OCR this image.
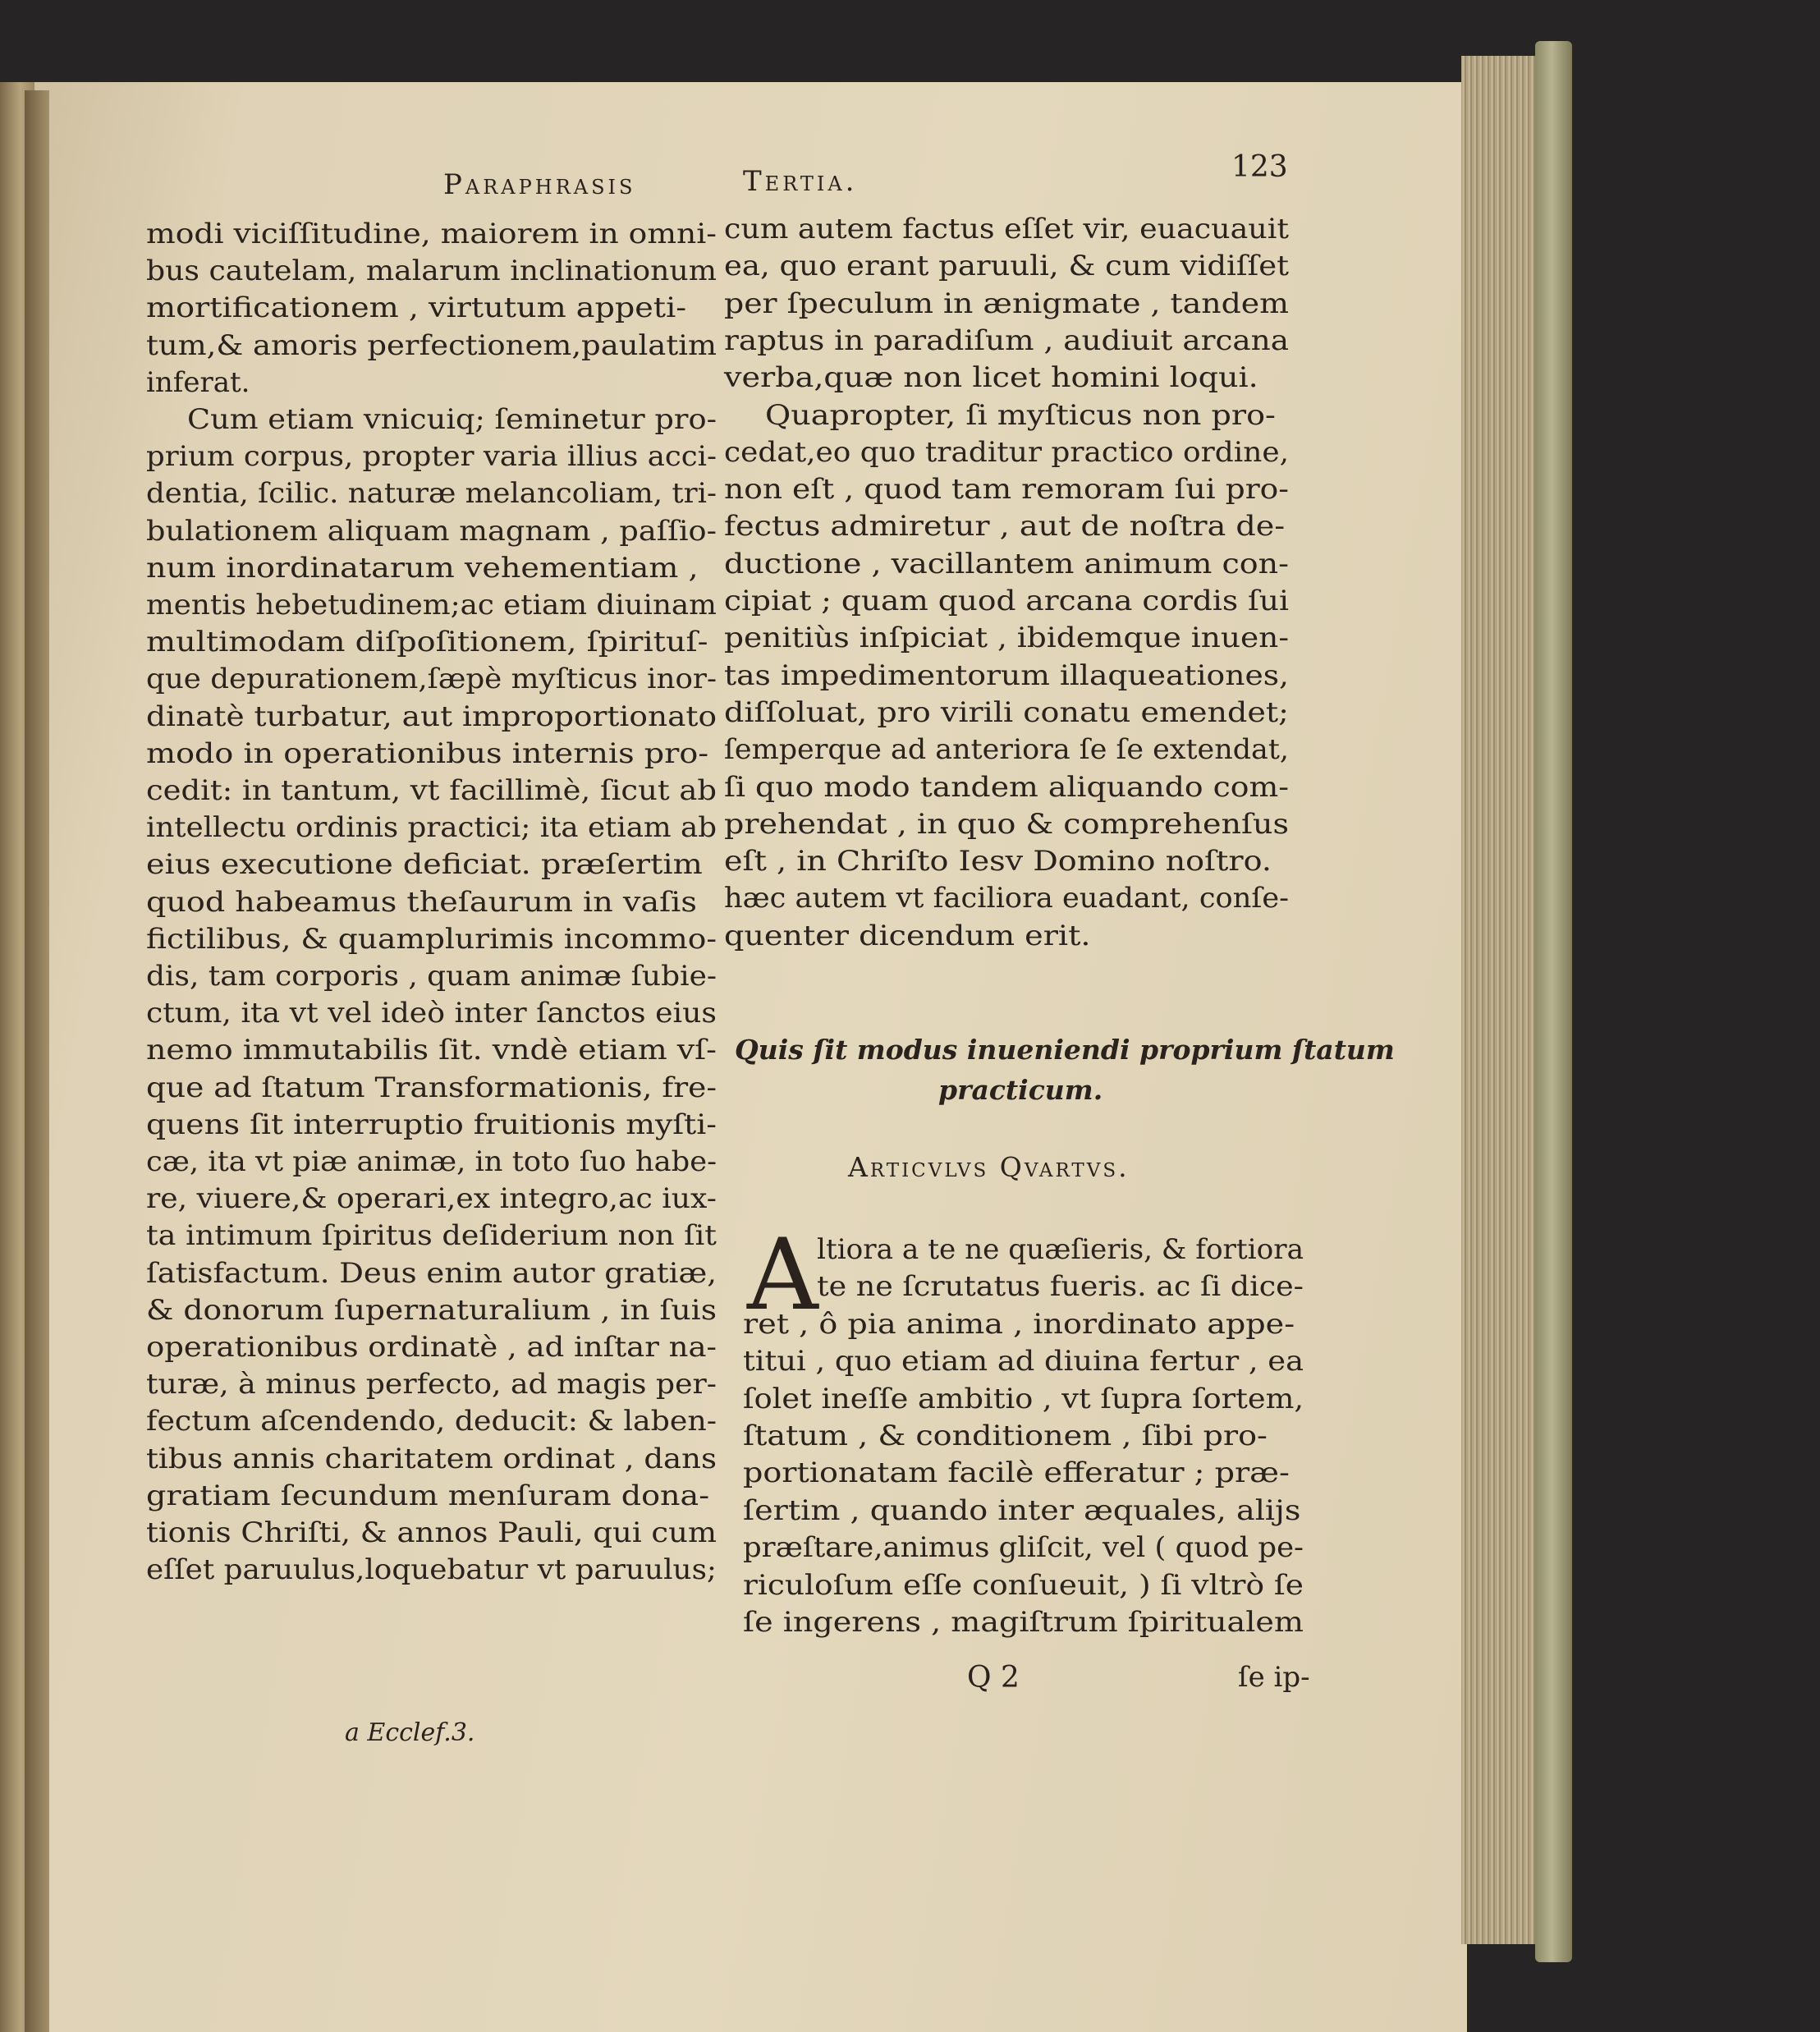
Paraphrasis	Tertia.	123
modi viciſſitudine, maiorem in omni-
bus cautelam, malarum inclinationum
mortificationem , virtutum appeti-
tum,& amoris perfectionem,paulatim
inferat.
Cum etiam vnicuiq; ſeminetur pro-
prium corpus, propter varia illius acci-
dentia, ſcilic. naturæ melancoliam, tri-
bulationem aliquam magnam , paſſio-
num inordinatarum vehementiam ,
mentis hebetudinem;ac etiam diuinam
multimodam diſpoſitionem, ſpirituſ-
que depurationem,ſæpè myſticus inor-
dinatè turbatur, aut improportionato
modo in operationibus internis pro-
cedit: in tantum, vt facillimè, ſicut ab
intellectu ordinis practici; ita etiam ab
eius executione deficiat. præſertim
quod habeamus theſaurum in vaſis
fictilibus, & quamplurimis incommo-
dis, tam corporis , quam animæ ſubie-
ctum, ita vt vel ideò inter ſanctos eius
nemo immutabilis ſit. vndè etiam vſ-
que ad ſtatum Transformationis, fre-
quens ſit interruptio fruitionis myſti-
cæ, ita vt piæ animæ, in toto ſuo habe-
re, viuere,& operari,ex integro,ac iux-
ta intimum ſpiritus deſiderium non ſit
ſatisfactum. Deus enim autor gratiæ,
& donorum ſupernaturalium , in ſuis
operationibus ordinatè , ad inſtar na-
turæ, à minus perfecto, ad magis per-
fectum aſcendendo, deducit: & laben-
tibus annis charitatem ordinat , dans
gratiam ſecundum menſuram dona-
tionis Chriſti, & annos Pauli, qui cum
eſſet paruulus,loquebatur vt paruulus;
cum autem factus eſſet vir, euacuauit
ea, quo erant paruuli, & cum vidiſſet
per ſpeculum in ænigmate , tandem
raptus in paradiſum , audiuit arcana
verba,quæ non licet homini loqui.
Quapropter, ſi myſticus non pro-
cedat,eo quo traditur practico ordine,
non eſt , quod tam remoram ſui pro-
fectus admiretur , aut de noſtra de-
ductione , vacillantem animum con-
cipiat ; quam quod arcana cordis ſui
penitiùs inſpiciat , ibidemque inuen-
tas impedimentorum illaqueationes,
diſſoluat, pro virili conatu emendet;
ſemperque ad anteriora ſe ſe extendat,
ſi quo modo tandem aliquando com-
prehendat , in quo & comprehenſus
eſt , in Chriſto Iesv Domino noſtro.
hæc autem vt faciliora euadant, conſe-
quenter dicendum erit.
Quis ſit modus inueniendi proprium ſtatum
practicum.
Articvlvs Qvartvs.
A
ltiora a te ne quæſieris, & fortiora
te ne ſcrutatus fueris. ac ſi dice-
ret , ô pia anima , inordinato appe-
titui , quo etiam ad diuina fertur , ea
ſolet ineſſe ambitio , vt ſupra ſortem,
ſtatum , & conditionem , ſibi pro-
portionatam facilè efferatur ; præ-
ſertim , quando inter æquales, alijs
præſtare,animus gliſcit, vel ( quod pe-
riculoſum eſſe conſueuit, ) ſi vltrò ſe
ſe ingerens , magiſtrum ſpiritualem
Q 2	ſe ip-
a Ecclef.3.
